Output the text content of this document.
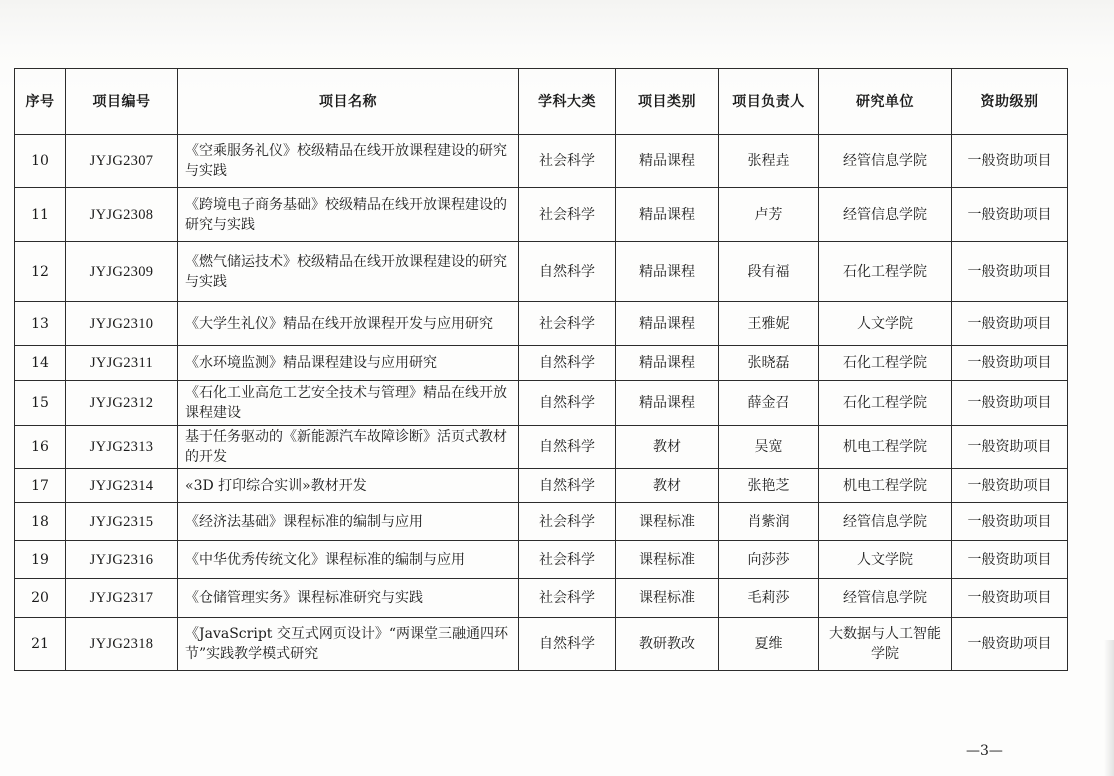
序号	项目编号	项目名称	学科大类	项目类别	项目负责人	研究单位	资助级别
10	JYJG2307	《空乘服务礼仪》校级精品在线开放课程建设的研究与实践	社会科学	精品课程	张程垚	经管信息学院	一般资助项目
11	JYJG2308	《跨境电子商务基础》校级精品在线开放课程建设的研究与实践	社会科学	精品课程	卢芳	经管信息学院	一般资助项目
12	JYJG2309	《燃气储运技术》校级精品在线开放课程建设的研究与实践	自然科学	精品课程	段有福	石化工程学院	一般资助项目
13	JYJG2310	《大学生礼仪》精品在线开放课程开发与应用研究	社会科学	精品课程	王雅妮	人文学院	一般资助项目
14	JYJG2311	《水环境监测》精品课程建设与应用研究	自然科学	精品课程	张晓磊	石化工程学院	一般资助项目
15	JYJG2312	《石化工业高危工艺安全技术与管理》精品在线开放课程建设	自然科学	精品课程	薛金召	石化工程学院	一般资助项目
16	JYJG2313	基于任务驱动的《新能源汽车故障诊断》活页式教材的开发	自然科学	教材	吴宽	机电工程学院	一般资助项目
17	JYJG2314	«3D 打印综合实训»教材开发	自然科学	教材	张艳芝	机电工程学院	一般资助项目
18	JYJG2315	《经济法基础》课程标准的编制与应用	社会科学	课程标准	肖紫润	经管信息学院	一般资助项目
19	JYJG2316	《中华优秀传统文化》课程标准的编制与应用	社会科学	课程标准	向莎莎	人文学院	一般资助项目
20	JYJG2317	《仓储管理实务》课程标准研究与实践	社会科学	课程标准	毛莉莎	经管信息学院	一般资助项目
21	JYJG2318	《JavaScript 交互式网页设计》“两课堂三融通四环节”实践教学模式研究	自然科学	教研教改	夏维	大数据与人工智能学院	一般资助项目
—3—
